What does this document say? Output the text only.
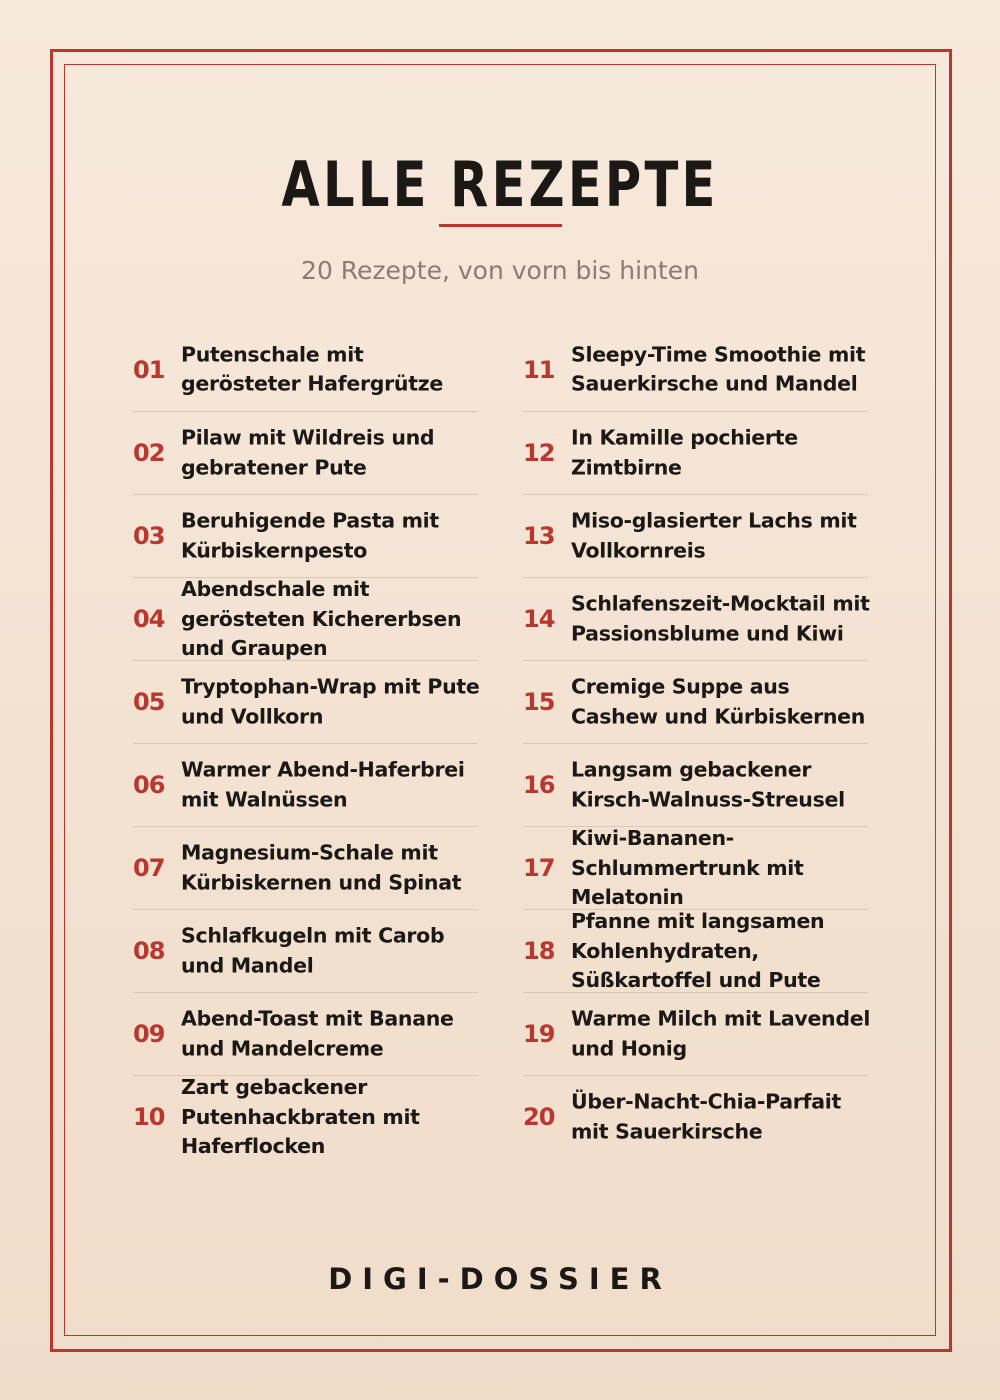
ALLE REZEPTE
20 Rezepte, von vorn bis hinten
01
Putenschale mit gerösteter Hafergrütze
02
Pilaw mit Wildreis und gebratener Pute
03
Beruhigende Pasta mit Kürbiskernpesto
04
Abendschale mit gerösteten Kichererbsen und Graupen
05
Tryptophan-Wrap mit Pute und Vollkorn
06
Warmer Abend-Haferbrei mit Walnüssen
07
Magnesium-Schale mit Kürbiskernen und Spinat
08
Schlafkugeln mit Carob und Mandel
09
Abend-Toast mit Banane und Mandelcreme
10
Zart gebackener Putenhackbraten mit Haferflocken
11
Sleepy-Time Smoothie mit Sauerkirsche und Mandel
12
In Kamille pochierte Zimtbirne
13
Miso-glasierter Lachs mit Vollkornreis
14
Schlafenszeit-Mocktail mit Passionsblume und Kiwi
15
Cremige Suppe aus Cashew und Kürbiskernen
16
Langsam gebackener Kirsch-Walnuss-Streusel
17
Kiwi-Bananen-Schlummertrunk mit Melatonin
18
Pfanne mit langsamen Kohlenhydraten, Süßkartoffel und Pute
19
Warme Milch mit Lavendel und Honig
20
Über-Nacht-Chia-Parfait mit Sauerkirsche
DIGI-DOSSIER
